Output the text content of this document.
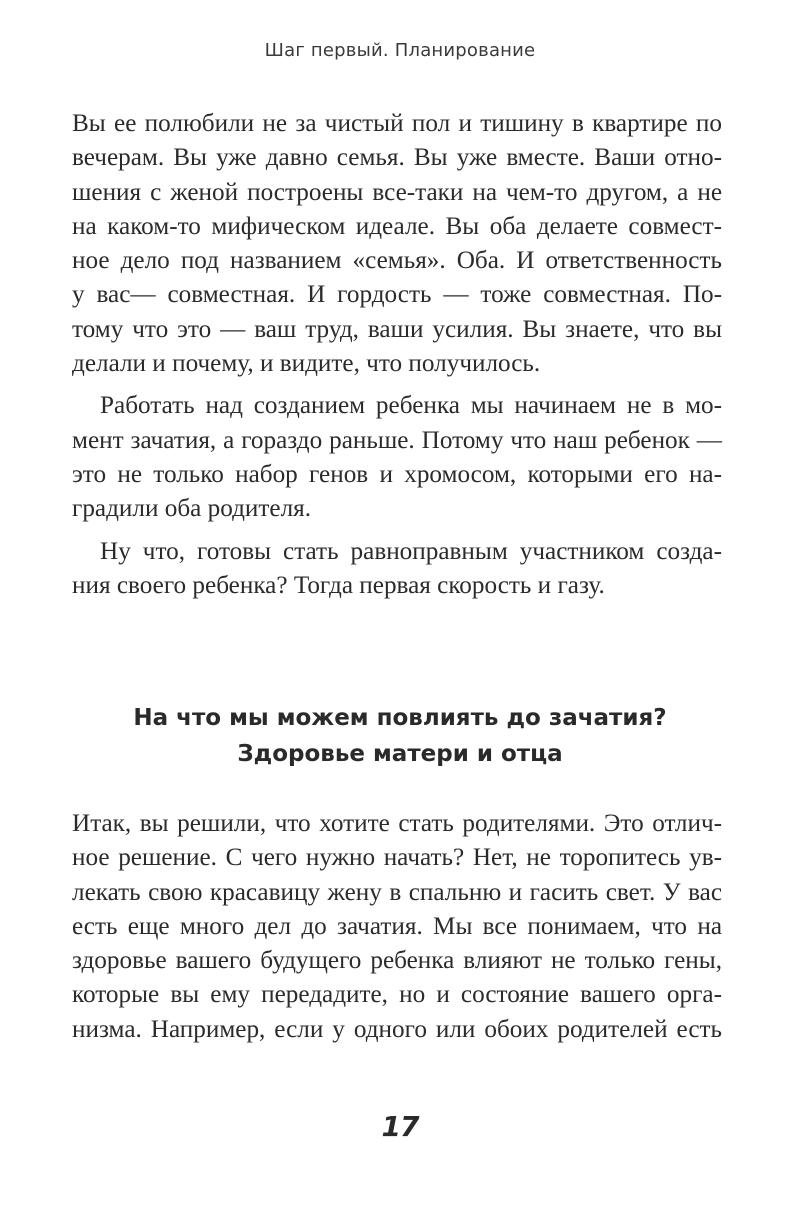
Шаг первый. Планирование
Вы ее полюбили не за чистый пол и тишину в квартире по
вечерам. Вы уже давно семья. Вы уже вместе. Ваши отно-
шения с женой построены все-таки на чем-то другом, а не
на каком-то мифическом идеале. Вы оба делаете совмест-
ное дело под названием «семья». Оба. И ответственность
у вас— совместная. И гордость — тоже совместная. По-
тому что это — ваш труд, ваши усилия. Вы знаете, что вы
делали и почему, и видите, что получилось.
Работать над созданием ребенка мы начинаем не в мо-
мент зачатия, а гораздо раньше. Потому что наш ребенок —
это не только набор генов и хромосом, которыми его на-
градили оба родителя.
Ну что, готовы стать равноправным участником созда-
ния своего ребенка? Тогда первая скорость и газу.
На что мы можем повлиять до зачатия?
Здоровье матери и отца
Итак, вы решили, что хотите стать родителями. Это отлич-
ное решение. С чего нужно начать? Нет, не торопитесь ув-
лекать свою красавицу жену в спальню и гасить свет. У вас
есть еще много дел до зачатия. Мы все понимаем, что на
здоровье вашего будущего ребенка влияют не только гены,
которые вы ему передадите, но и состояние вашего орга-
низма. Например, если у одного или обоих родителей есть
17
